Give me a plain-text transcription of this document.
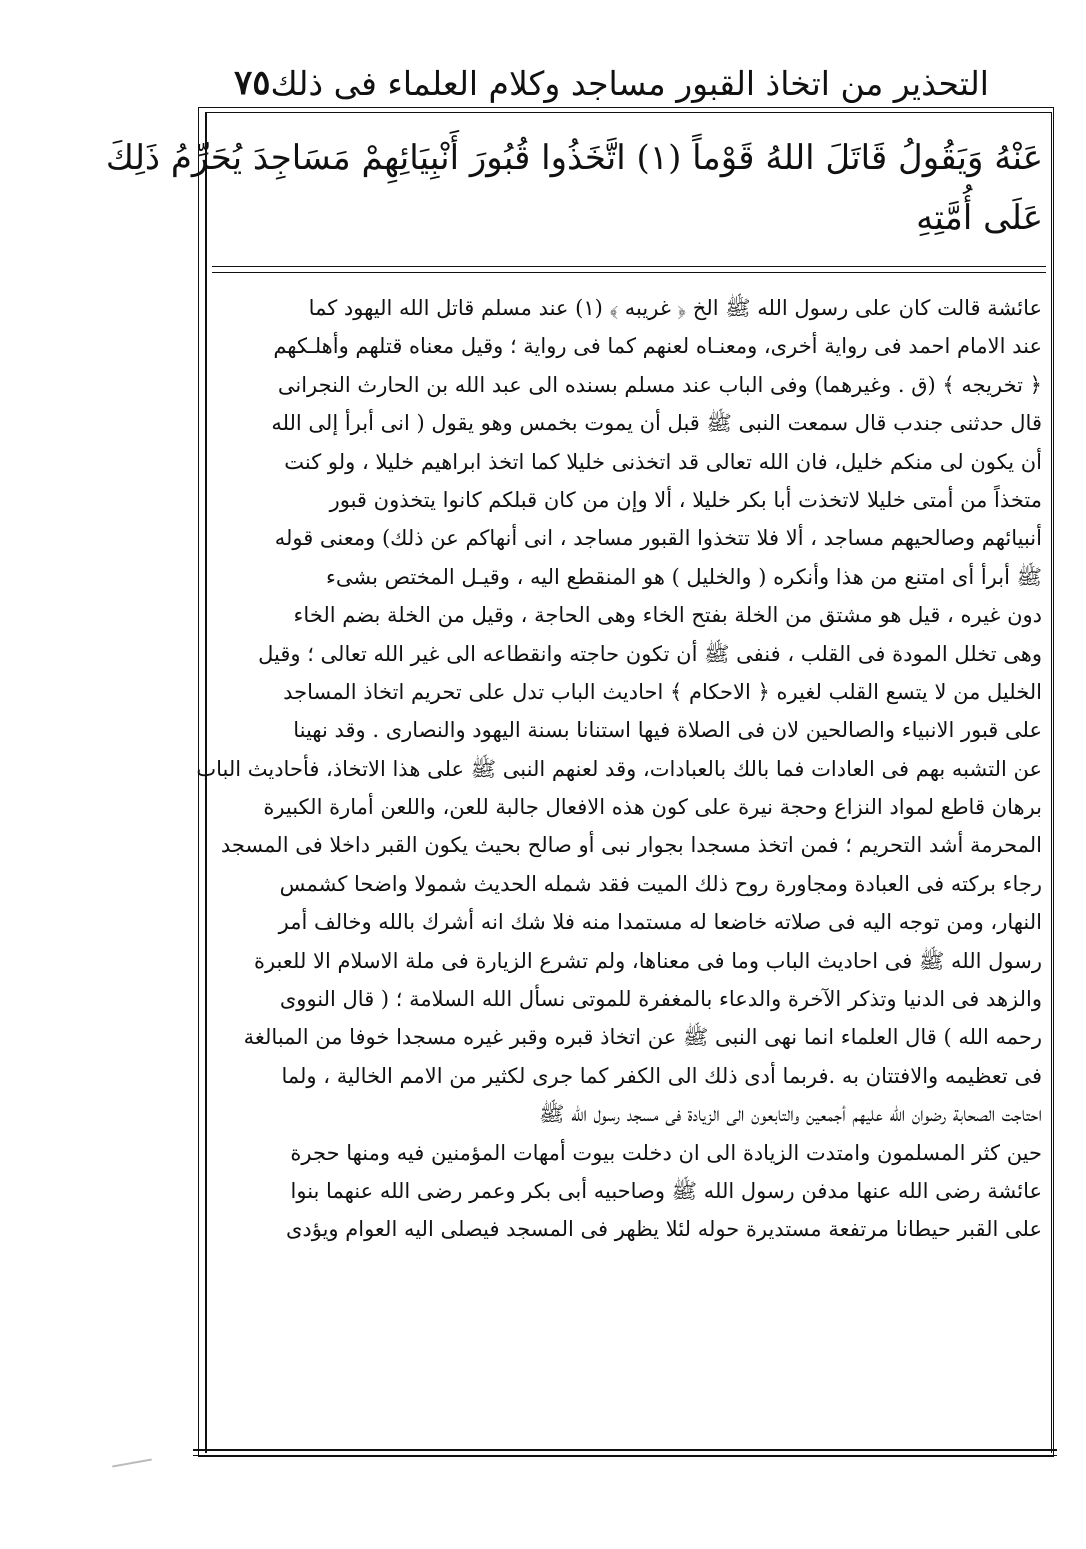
٧٥ التحذير من اتخاذ القبور مساجد وكلام العلماء فى ذلك
عَنْهُ وَيَقُولُ قَاتَلَ اللهُ قَوْماً (١) اتَّخَذُوا قُبُورَ أَنْبِيَائِهِمْ مَسَاجِدَ يُحَرِّمُ ذَلِكَ
عَلَى أُمَّتِهِ
عائشة قالت كان على رسول الله ﷺ الخ ﴿ غريبه ﴾ (١) عند مسلم قاتل الله اليهود كما
عند الامام احمد فى رواية أخرى، ومعنـاه لعنهم كما فى رواية ؛ وقيل معناه قتلهم وأهلـكهم
﴿ تخريجه ﴾ (ق . وغيرهما) وفى الباب عند مسلم بسنده الى عبد الله بن الحارث النجرانى
قال حدثنى جندب قال سمعت النبى ﷺ قبل أن يموت بخمس وهو يقول ( انى أبرأ إلى الله
أن يكون لى منكم خليل، فان الله تعالى قد اتخذنى خليلا كما اتخذ ابراهيم خليلا ، ولو كنت
متخذاً من أمتى خليلا لاتخذت أبا بكر خليلا ، ألا وإن من كان قبلكم كانوا يتخذون قبور
أنبيائهم وصالحيهم مساجد ، ألا فلا تتخذوا القبور مساجد ، انى أنهاكم عن ذلك) ومعنى قوله
ﷺ أبرأ أى امتنع من هذا وأنكره ( والخليل ) هو المنقطع اليه ، وقيـل المختص بشىء
دون غيره ، قيل هو مشتق من الخلة بفتح الخاء وهى الحاجة ، وقيل من الخلة بضم الخاء
وهى تخلل المودة فى القلب ، فنفى ﷺ أن تكون حاجته وانقطاعه الى غير الله تعالى ؛ وقيل
الخليل من لا يتسع القلب لغيره ﴿ الاحكام ﴾ احاديث الباب تدل على تحريم اتخاذ المساجد
على قبور الانبياء والصالحين لان فى الصلاة فيها استنانا بسنة اليهود والنصارى . وقد نهينا
عن التشبه بهم فى العادات فما بالك بالعبادات، وقد لعنهم النبى ﷺ على هذا الاتخاذ، فأحاديث الباب
برهان قاطع لمواد النزاع وحجة نيرة على كون هذه الافعال جالبة للعن، واللعن أمارة الكبيرة
المحرمة أشد التحريم ؛ فمن اتخذ مسجدا بجوار نبى أو صالح بحيث يكون القبر داخلا فى المسجد
رجاء بركته فى العبادة ومجاورة روح ذلك الميت فقد شمله الحديث شمولا واضحا كشمس
النهار، ومن توجه اليه فى صلاته خاضعا له مستمدا منه فلا شك انه أشرك بالله وخالف أمر
رسول الله ﷺ فى احاديث الباب وما فى معناها، ولم تشرع الزيارة فى ملة الاسلام الا للعبرة
والزهد فى الدنيا وتذكر الآخرة والدعاء بالمغفرة للموتى نسأل الله السلامة ؛ ( قال النووى
رحمه الله ) قال العلماء انما نهى النبى ﷺ عن اتخاذ قبره وقبر غيره مسجدا خوفا من المبالغة
فى تعظيمه والافتتان به .فربما أدى ذلك الى الكفر كما جرى لكثير من الامم الخالية ، ولما
احتاجت الصحابة رضوان الله عليهم أجمعين والتابعون الى الزيادة فى مسجد رسول الله ﷺ
حين كثر المسلمون وامتدت الزيادة الى ان دخلت بيوت أمهات المؤمنين فيه ومنها حجرة
عائشة رضى الله عنها مدفن رسول الله ﷺ وصاحبيه أبى بكر وعمر رضى الله عنهما بنوا
على القبر حيطانا مرتفعة مستديرة حوله لئلا يظهر فى المسجد فيصلى اليه العوام ويؤدى
